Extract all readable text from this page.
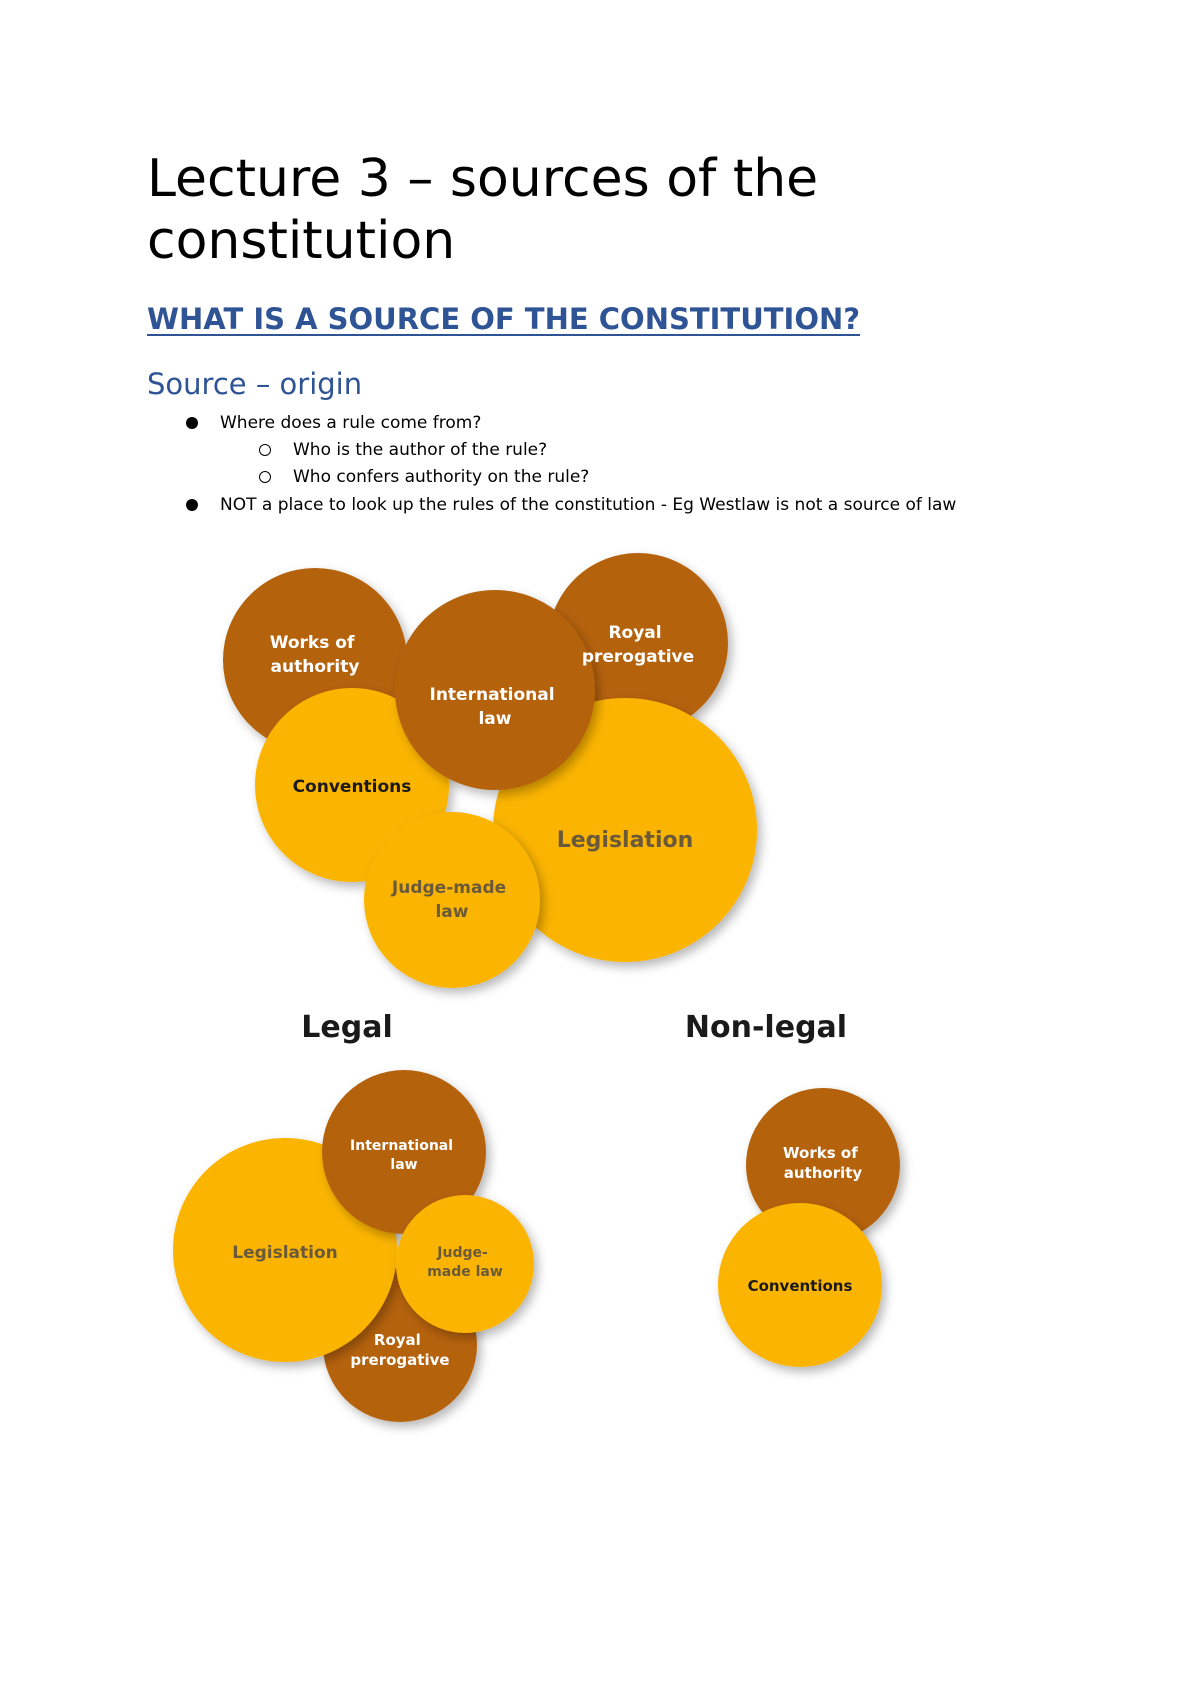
Lecture 3 – sources of the
constitution
WHAT IS A SOURCE OF THE CONSTITUTION?
Source – origin
Where does a rule come from?
Who is the author of the rule?
Who confers authority on the rule?
NOT a place to look up the rules of the constitution - Eg Westlaw is not a source of law
Works of authority
Royal prerogative
Legislation
Conventions
International law
Judge-made law
Legal	Non-legal
Legislation
Royal prerogative
International law
Judge- made law
Works of authority
Conventions
